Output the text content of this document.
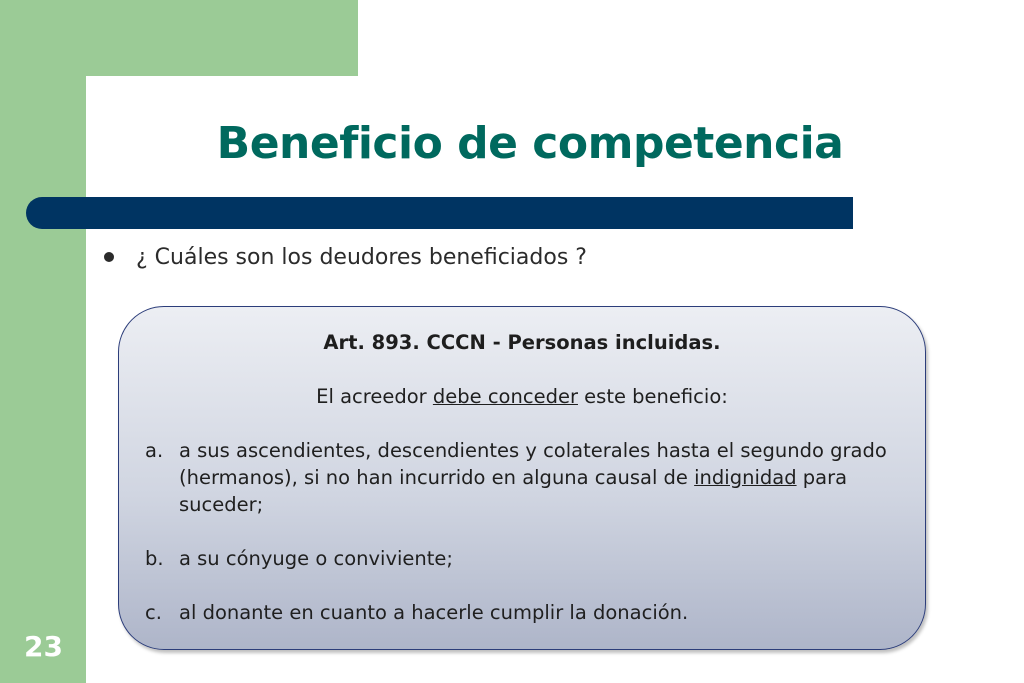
Beneficio de competencia
¿ Cuáles son los deudores beneficiados ?

Art. 893. CCCN - Personas incluidas.

El acreedor debe conceder este beneficio:

a. a sus ascendientes, descendientes y colaterales hasta el segundo grado (hermanos), si no han incurrido en alguna causal de indignidad para suceder;
b. a su cónyuge o conviviente;
c. al donante en cuanto a hacerle cumplir la donación.
23
